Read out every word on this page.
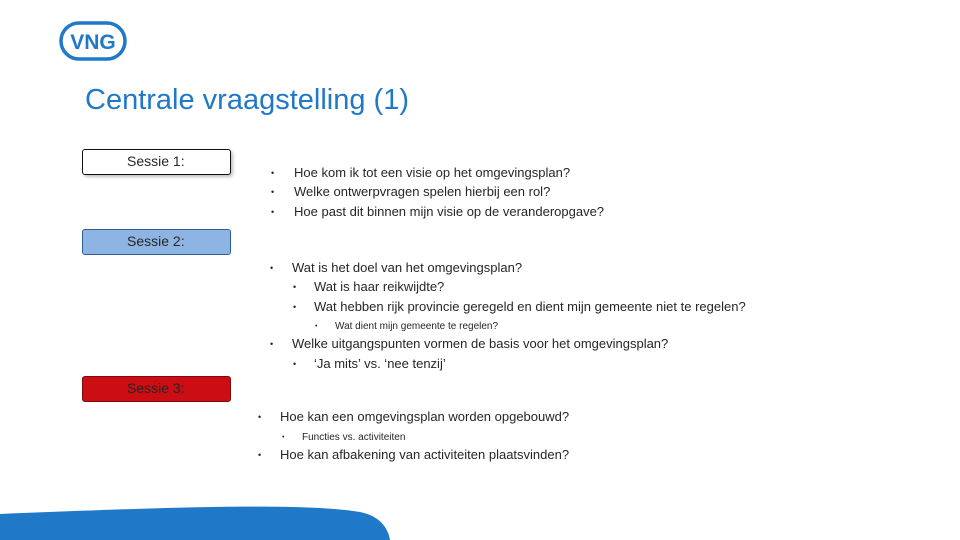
VNG
Centrale vraagstelling (1)
Sessie 1:
Sessie 2:
Sessie 3:
• Hoe kom ik tot een visie op het omgevingsplan?
• Welke ontwerpvragen spelen hierbij een rol?
• Hoe past dit binnen mijn visie op de veranderopgave?
• Wat is het doel van het omgevingsplan?
• Wat is haar reikwijdte?
• Wat hebben rijk provincie geregeld en dient mijn gemeente niet te regelen?
• Wat dient mijn gemeente te regelen?
• Welke uitgangspunten vormen de basis voor het omgevingsplan?
• ‘Ja mits’ vs. ‘nee tenzij’
• Hoe kan een omgevingsplan worden opgebouwd?
• Functies vs. activiteiten
• Hoe kan afbakening van activiteiten plaatsvinden?
